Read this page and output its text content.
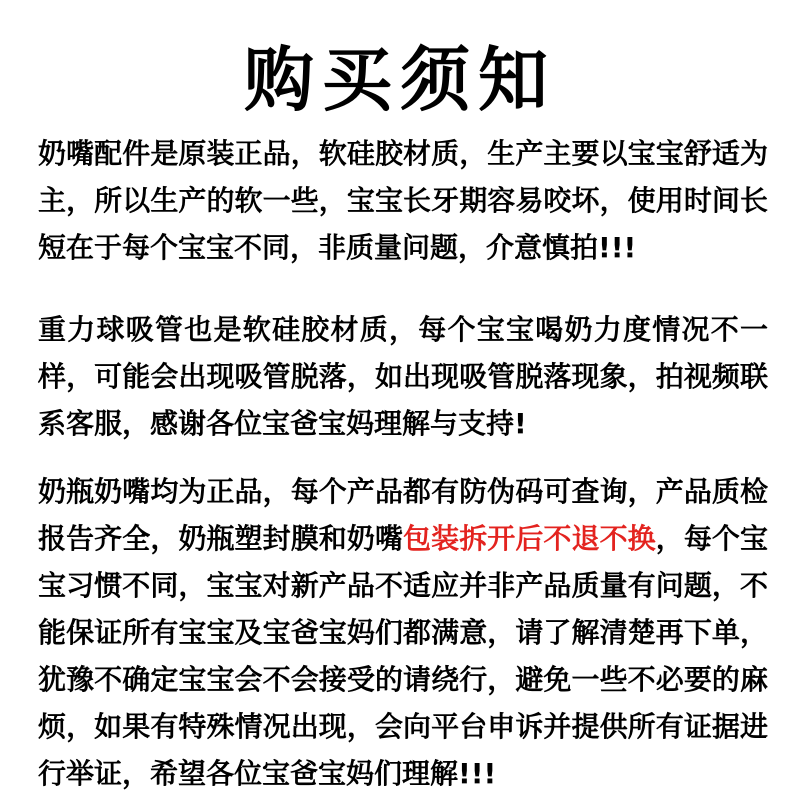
购买须知

奶嘴配件是原装正品，软硅胶材质，生产主要以宝宝舒适为主，所以生产的软一些，宝宝长牙期容易咬坏，使用时间长短在于每个宝宝不同，非质量问题，介意慎拍!!!

重力球吸管也是软硅胶材质，每个宝宝喝奶力度情况不一样，可能会出现吸管脱落，如出现吸管脱落现象，拍视频联系客服，感谢各位宝爸宝妈理解与支持!

奶瓶奶嘴均为正品，每个产品都有防伪码可查询，产品质检报告齐全，奶瓶塑封膜和奶嘴包装拆开后不退不换，每个宝宝习惯不同，宝宝对新产品不适应并非产品质量有问题，不能保证所有宝宝及宝爸宝妈们都满意，请了解清楚再下单，犹豫不确定宝宝会不会接受的请绕行，避免一些不必要的麻烦，如果有特殊情况出现，会向平台申诉并提供所有证据进行举证，希望各位宝爸宝妈们理解!!!
